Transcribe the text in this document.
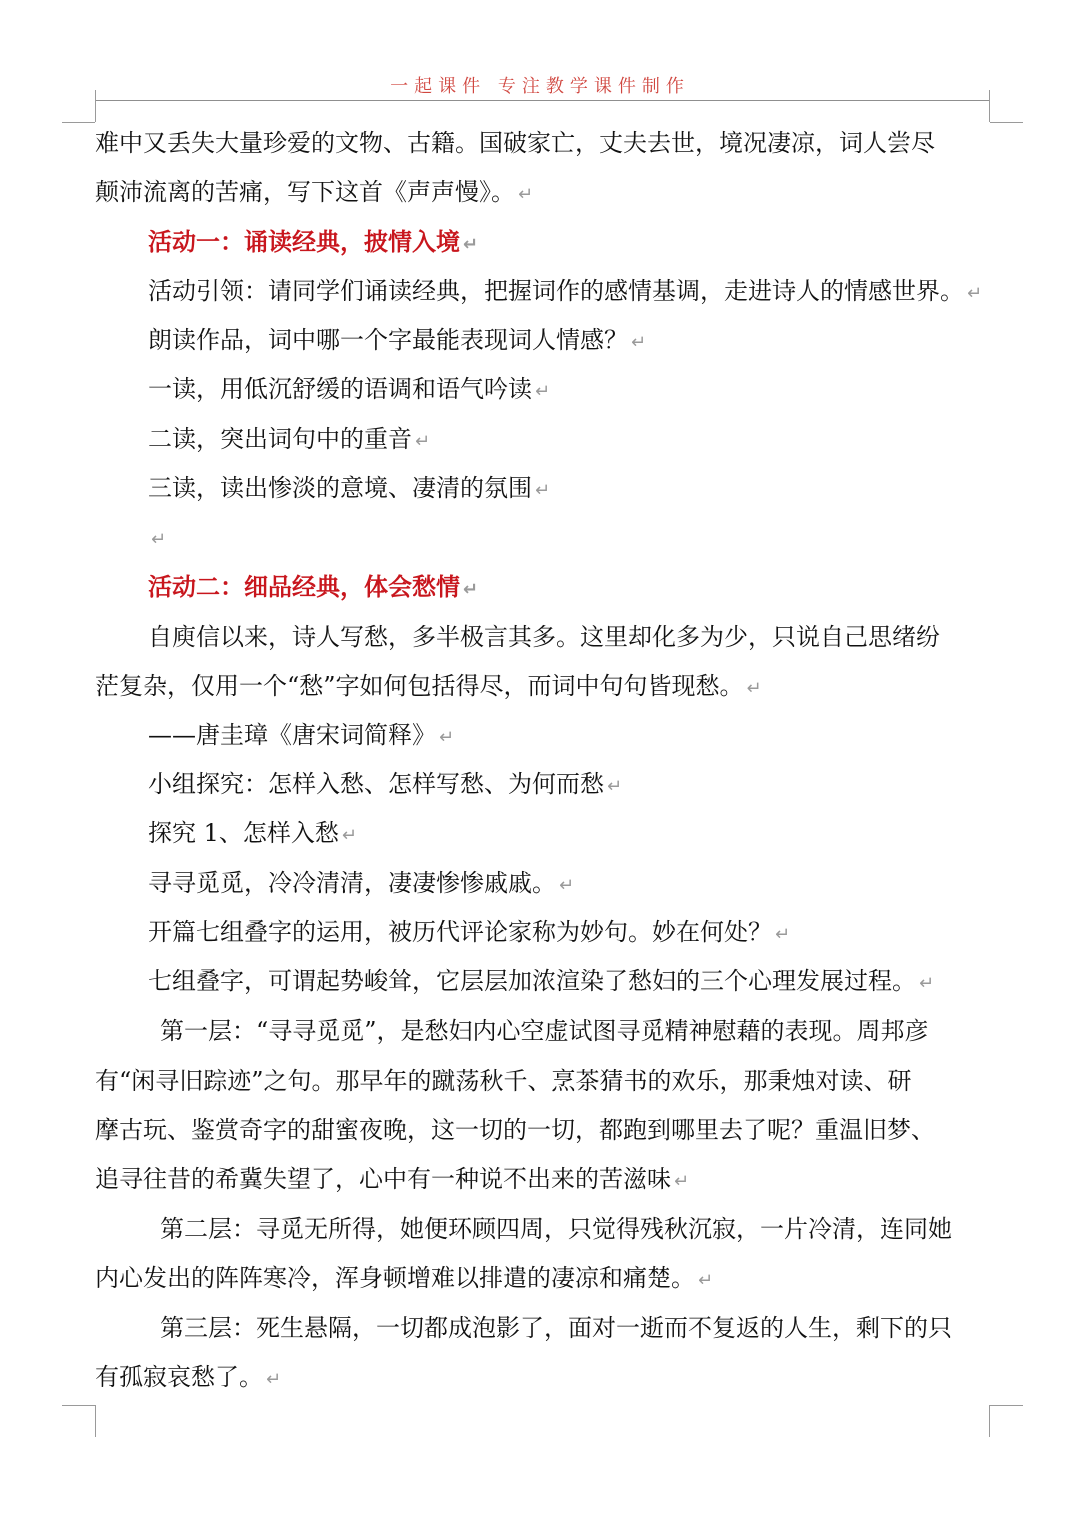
一起课件 专注教学课件制作
难中又丢失大量珍爱的文物、古籍。国破家亡，丈夫去世，境况凄凉，词人尝尽
颠沛流离的苦痛，写下这首《声声慢》。 ↵
活动一：诵读经典，披情入境 ↵
活动引领：请同学们诵读经典，把握词作的感情基调，走进诗人的情感世界。 ↵
朗读作品，词中哪一个字最能表现词人情感？ ↵
一读，用低沉舒缓的语调和语气吟读 ↵
二读，突出词句中的重音 ↵
三读，读出惨淡的意境、凄清的氛围 ↵
↵
活动二：细品经典，体会愁情 ↵
自庾信以来，诗人写愁，多半极言其多。这里却化多为少，只说自己思绪纷
茫复杂，仅用一个“愁”字如何包括得尽，而词中句句皆现愁。 ↵
——唐圭璋《唐宋词简释》 ↵
小组探究：怎样入愁、怎样写愁、为何而愁 ↵
探究 1、怎样入愁 ↵
寻寻觅觅，冷冷清清，凄凄惨惨戚戚。 ↵
开篇七组叠字的运用，被历代评论家称为妙句。妙在何处？ ↵
七组叠字，可谓起势峻耸，它层层加浓渲染了愁妇的三个心理发展过程。 ↵
第一层：“寻寻觅觅”，是愁妇内心空虚试图寻觅精神慰藉的表现。周邦彦
有“闲寻旧踪迹”之句。那早年的蹴荡秋千、烹茶猜书的欢乐，那秉烛对读、研
摩古玩、鉴赏奇字的甜蜜夜晚，这一切的一切，都跑到哪里去了呢？重温旧梦、
追寻往昔的希冀失望了，心中有一种说不出来的苦滋味 ↵
第二层：寻觅无所得，她便环顾四周，只觉得残秋沉寂，一片冷清，连同她
内心发出的阵阵寒冷，浑身顿增难以排遣的凄凉和痛楚。 ↵
第三层：死生悬隔，一切都成泡影了，面对一逝而不复返的人生，剩下的只
有孤寂哀愁了。 ↵
